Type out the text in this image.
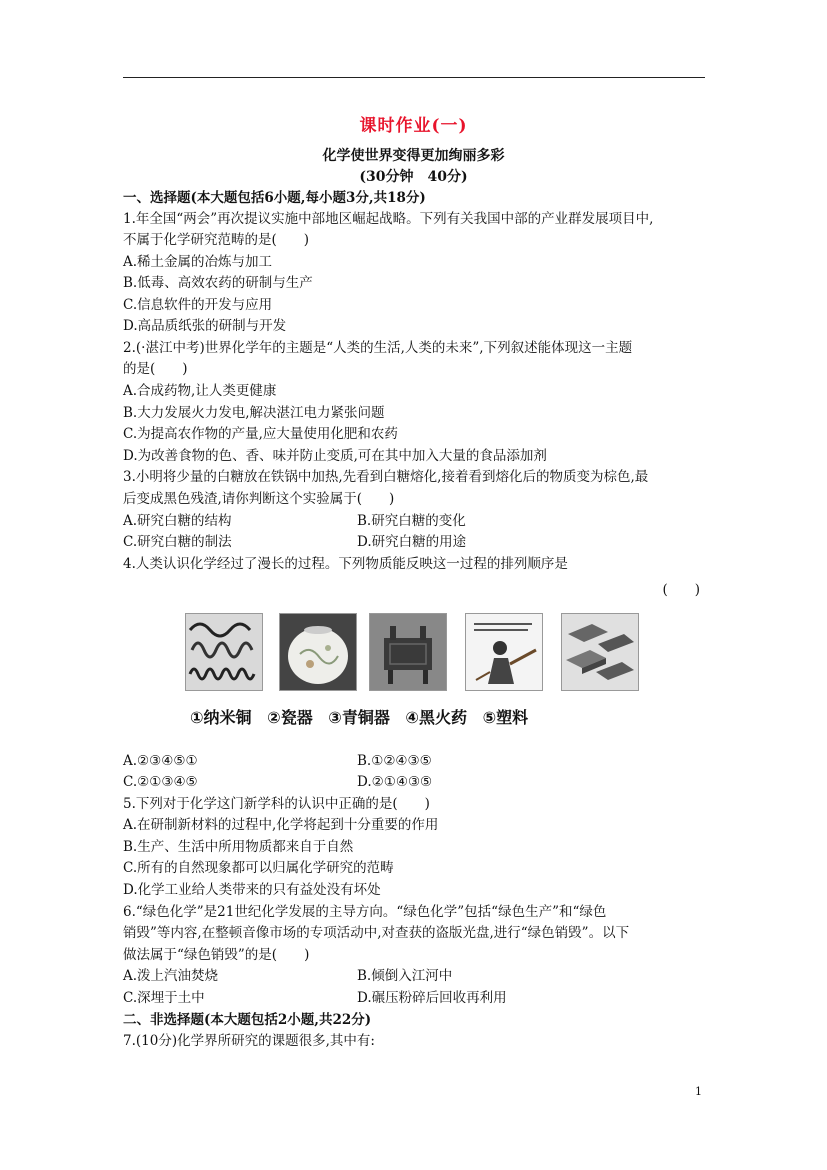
课时作业(一)
化学使世界变得更加绚丽多彩
(30分钟　40分)
一、选择题(本大题包括6小题,每小题3分,共18分)
1.年全国“两会”再次提议实施中部地区崛起战略。下列有关我国中部的产业群发展项目中,
不属于化学研究范畴的是(　　)
A.稀土金属的冶炼与加工
B.低毒、高效农药的研制与生产
C.信息软件的开发与应用
D.高品质纸张的研制与开发
2.(·湛江中考)世界化学年的主题是“人类的生活,人类的未来”,下列叙述能体现这一主题
的是(　　)
A.合成药物,让人类更健康
B.大力发展火力发电,解决湛江电力紧张问题
C.为提高农作物的产量,应大量使用化肥和农药
D.为改善食物的色、香、味并防止变质,可在其中加入大量的食品添加剂
3.小明将少量的白糖放在铁锅中加热,先看到白糖熔化,接着看到熔化后的物质变为棕色,最
后变成黑色残渣,请你判断这个实验属于(　　)
A.研究白糖的结构	B.研究白糖的变化
C.研究白糖的制法	D.研究白糖的用途
4.人类认识化学经过了漫长的过程。下列物质能反映这一过程的排列顺序是
(　　)
①纳米铜 ②瓷器 ③青铜器 ④黑火药 ⑤塑料
A.②③④⑤①	B.①②④③⑤
C.②①③④⑤	D.②①④③⑤
5.下列对于化学这门新学科的认识中正确的是(　　)
A.在研制新材料的过程中,化学将起到十分重要的作用
B.生产、生活中所用物质都来自于自然
C.所有的自然现象都可以归属化学研究的范畴
D.化学工业给人类带来的只有益处没有坏处
6.“绿色化学”是21世纪化学发展的主导方向。“绿色化学”包括“绿色生产”和“绿色
销毁”等内容,在整顿音像市场的专项活动中,对查获的盗版光盘,进行“绿色销毁”。以下
做法属于“绿色销毁”的是(　　)
A.泼上汽油焚烧	B.倾倒入江河中
C.深埋于土中	D.碾压粉碎后回收再利用
二、非选择题(本大题包括2小题,共22分)
7.(10分)化学界所研究的课题很多,其中有:
1
